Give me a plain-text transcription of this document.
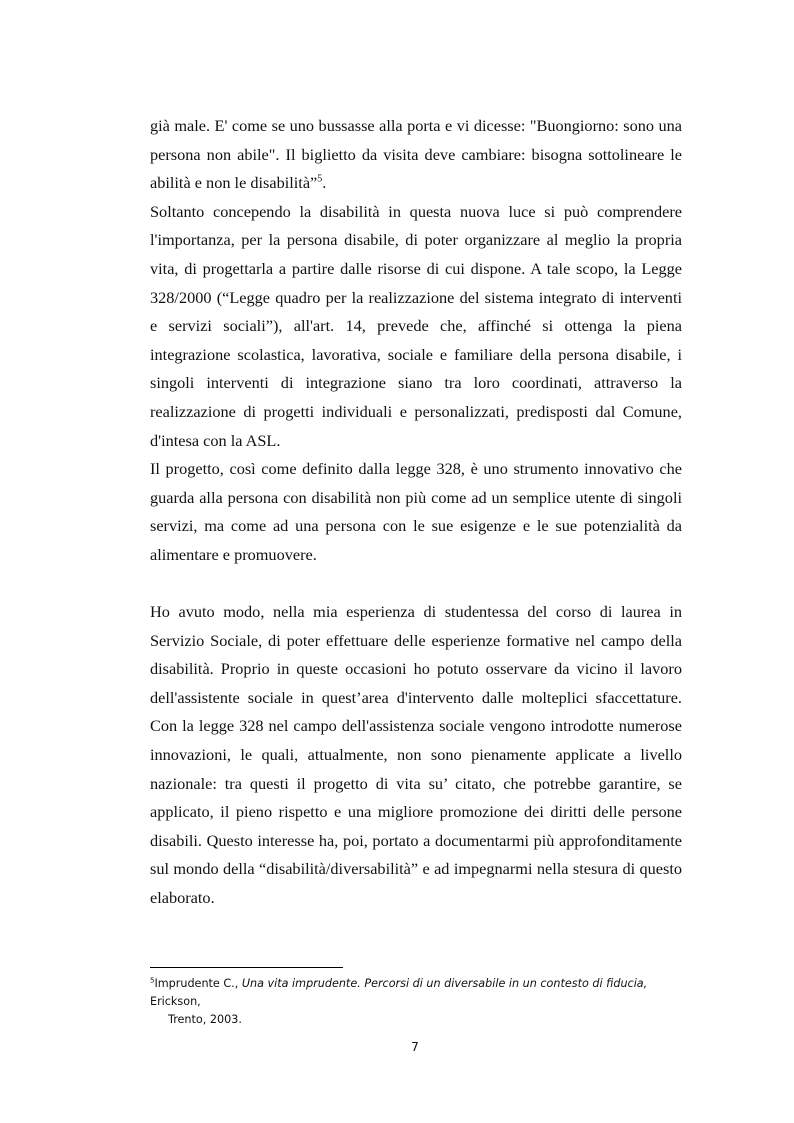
già male. E' come se uno bussasse alla porta e vi dicesse: "Buongiorno: sono una persona non abile". Il biglietto da visita deve cambiare: bisogna sottolineare le abilità e non le disabilità”$^5$.

Soltanto concependo la disabilità in questa nuova luce si può comprendere l'importanza, per la persona disabile, di poter organizzare al meglio la propria vita, di progettarla a partire dalle risorse di cui dispone. A tale scopo, la Legge 328/2000 (“Legge quadro per la realizzazione del sistema integrato di interventi e servizi sociali”), all'art. 14, prevede che, affinché si ottenga la piena integrazione scolastica, lavorativa, sociale e familiare della persona disabile, i singoli interventi di integrazione siano tra loro coordinati, attraverso la realizzazione di progetti individuali e personalizzati, predisposti dal Comune, d'intesa con la ASL.

Il progetto, così come definito dalla legge 328, è uno strumento innovativo che guarda alla persona con disabilità non più come ad un semplice utente di singoli servizi, ma come ad una persona con le sue esigenze e le sue potenzialità da alimentare e promuovere.

Ho avuto modo, nella mia esperienza di studentessa del corso di laurea in Servizio Sociale, di poter effettuare delle esperienze formative nel campo della disabilità. Proprio in queste occasioni ho potuto osservare da vicino il lavoro dell'assistente sociale in quest’area d'intervento dalle molteplici sfaccettature. Con la legge 328 nel campo dell'assistenza sociale vengono introdotte numerose innovazioni, le quali, attualmente, non sono pienamente applicate a livello nazionale: tra questi il progetto di vita su’ citato, che potrebbe garantire, se applicato, il pieno rispetto e una migliore promozione dei diritti delle persone disabili. Questo interesse ha, poi, portato a documentarmi più approfonditamente sul mondo della “disabilità/diversabilità” e ad impegnarmi nella stesura di questo elaborato.

$^5$Imprudente C., Una vita imprudente. Percorsi di un diversabile in un contesto di fiducia, Erickson,
Trento, 2003.
7
